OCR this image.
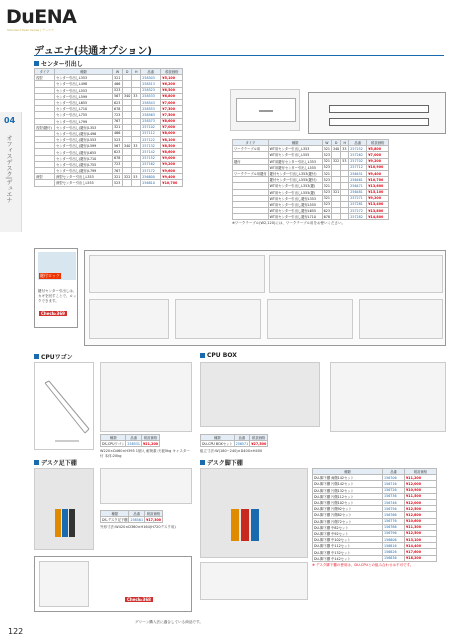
DuENA
Standard Desk Series | デュエナ
デュエナ(共通オプション)
04
オフィスデスク|デュエナ
センター引出し
タイプ	種類	W	D	H	品番	税抜価格
浅型	センター引出しL353	321			258503	¥5,100
	センター引出しL498	466			258513	¥6,200
	センター引出しL553	523			258523	¥6,500
	センター引出しL599	567	340	33	258533	¥6,800
	センター引出しL655	623			258543	¥7,000
	センター引出しL710	678			258553	¥7,300
	センター引出しL755	723			258563	¥7,500
	センター引出しL799	767			258573	¥8,600
浅型(鍵付)	センター引出し(鍵付)L353	321			257102	¥7,000
	センター引出し(鍵付)L498	466			257112	¥8,000
	センター引出し(鍵付)L553	523			257122	¥8,100
	センター引出し(鍵付)L599	567	340	33	257132	¥8,500
	センター引出し(鍵付)L655	623			257142	¥8,600
	センター引出し(鍵付)L710	678			257152	¥9,000
	センター引出し(鍵付)L755	723			257162	¥9,200
	センター引出し(鍵付)L799	767			257172	¥9,600
深型	深型センター引出しL353	321	322	53	256800	¥9,400
	深型センター引出しL555	523			256810	¥10,700
タイプ	種類	W	D	H	品番	税抜価格
ワークテーブル用	WT用センター引出しL353	321	340	33	257252	¥5,800
	WT用センター引出しL555	523			257262	¥7,000
鍵付	WT用鍵付センター引出しL353	321	322	53	257702	¥9,200
	WT用鍵付センター引出しL555	523			257712	¥10,900
ワークテーブル用鍵付	鍵付センター引出しL353(鍵付)	321			256451	¥9,400
	鍵付センター引出しL555(鍵付)	523			256461	¥10,700
	WT用センター引出しL353(鍵)	321			256471	¥13,600
	WT用センター引出しL555(鍵)	523	321		256481	¥15,100
	WT用センター引出し鍵付L353	321			257271	¥9,200
	WT用センター引出し鍵付L555	523			257281	¥13,400
	WT用センター引出し鍵付L655	623			257272	¥13,800
	WT用センター引出し鍵付L710	678			257282	¥14,800
※ワークテーブル(W2,120)には、ワークテーブル用をお使いください。
鍵付ロック
鍵付センター引出しは、カギを回すことで、ロックできます。
Check▸369
CPUワゴン
種類	品番	税抜価格
DS-CPUワゴン	258531	¥21,200
W220×D460×H395 1個入 耐荷重:天板5kg キャスター付 本体:20kg
CPU BOX
種類	品番	税抜価格
DU-CPU BOXセット	256571	¥27,500
組立寸法:W(180~240)×D400×H400
デスク足下棚
種類	品番	税抜価格
DS-デスク足下棚	258561	¥17,300
外形寸法:W420×D360×H164(H720デスク用)
Check▸368
デスク脚下棚
種類	品番	税抜価格
DU-脚下棚 両側142セット	156706	¥11,200
DU-脚下棚 片側142セット	156716	¥12,000
DU-脚下棚 片側132セット	156726	¥10,900
DU-脚下棚 片側112セット	156736	¥11,500
DU-脚下棚 片側102セット	156746	¥12,000
DU-脚下棚 片側92セット	156756	¥12,500
DU-脚下棚 片側82セット	156766	¥12,800
DU-脚下棚 片側72セット	156776	¥10,600
DU-脚下棚 中82セット	156786	¥11,300
DU-脚下棚 中92セット	156796	¥12,500
DU-脚下棚 中102セット	156806	¥13,100
DU-脚下棚 中112セット	156816	¥14,400
DU-脚下棚 中132セット	156826	¥17,600
DU-脚下棚 中142セット	156836	¥18,200
※ デスク脚下棚の使用は、DU-CPUとの組み合わせは不可です。
122
グリーン購入法に適合している商品です。
